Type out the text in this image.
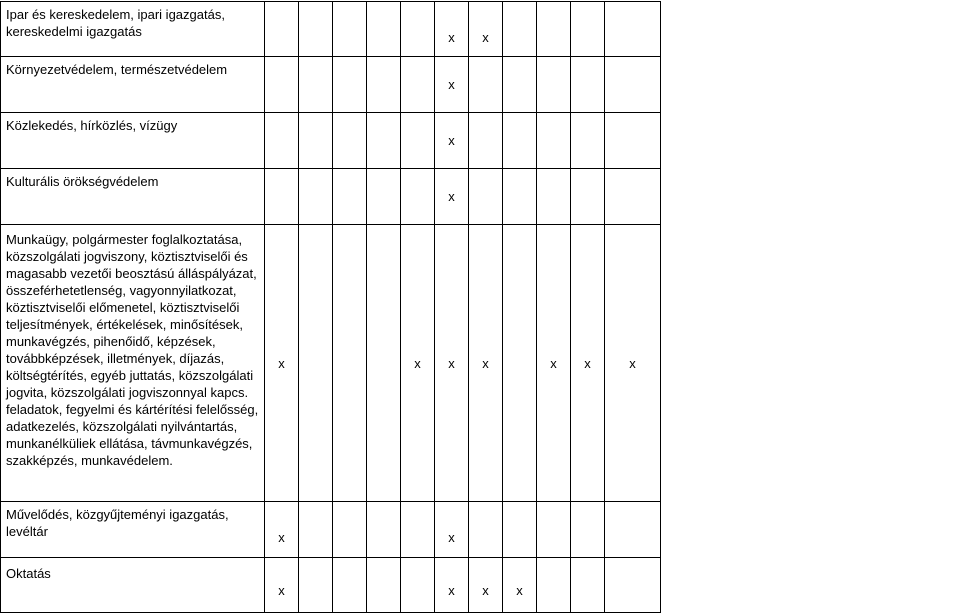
Ipar és kereskedelem, ipari igazgatás, kereskedelmi igazgatás						x	x				

Környezetvédelem, természetvédelem						x					

Közlekedés, hírközlés, vízügy						x					

Kulturális örökségvédelem						x					

Munkaügy, polgármester foglalkoztatása, közszolgálati jogviszony, köztisztviselői és magasabb vezetői beosztású álláspályázat, összeférhetetlenség, vagyonnyilatkozat, köztisztviselői előmenetel, köztisztviselői teljesítmények, értékelések, minősítések, munkavégzés, pihenőidő, képzések, továbbképzések, illetmények, díjazás, költségtérítés, egyéb juttatás, közszolgálati jogvita, közszolgálati jogviszonnyal kapcs. feladatok, fegyelmi és kártérítési felelősség, adatkezelés, közszolgálati nyilvántartás, munkanélküliek ellátása, távmunkavégzés, szakképzés, munkavédelem.	x				x	x	x		x	x	x

Művelődés, közgyűjteményi igazgatás, levéltár	x					x					

Oktatás	x					x	x	x			
